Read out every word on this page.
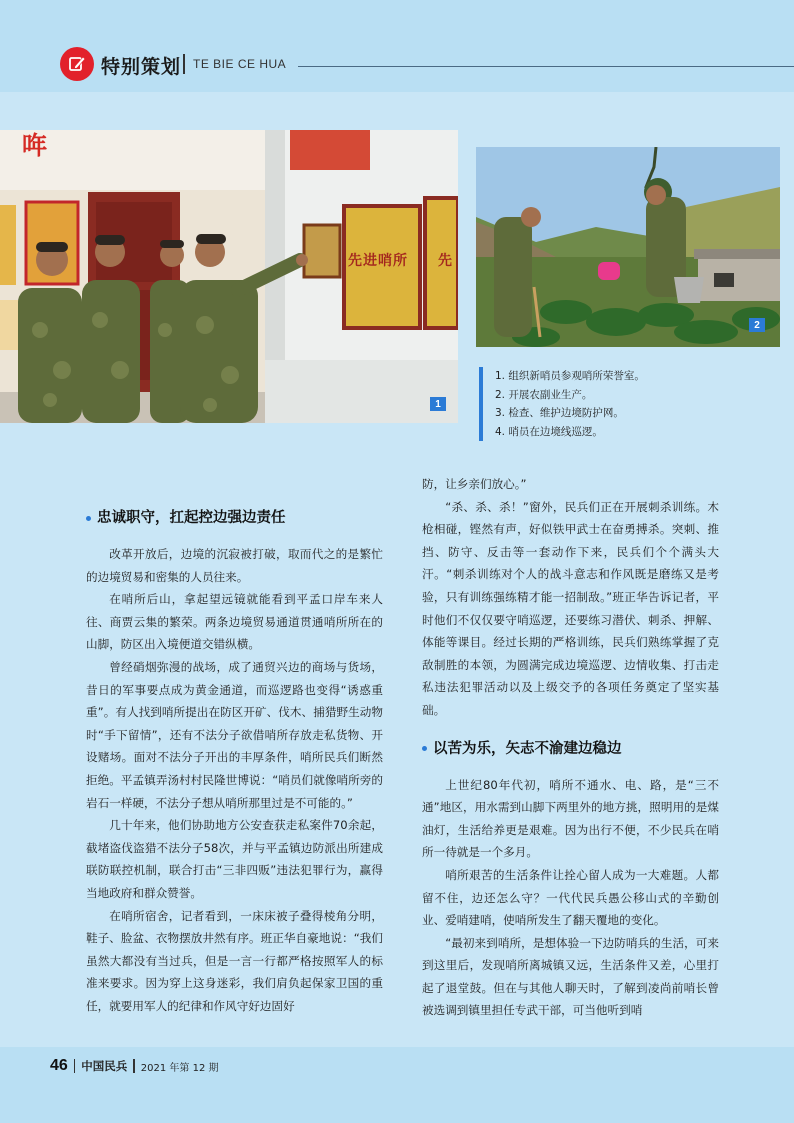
特别策划 TE BIE CE HUA
哖
先进哨所 先
1
2
1. 组织新哨员参观哨所荣誉室。
2. 开展农副业生产。
3. 检查、维护边境防护网。
4. 哨员在边境线巡逻。
忠诚职守，扛起控边强边责任

改革开放后，边境的沉寂被打破，取而代之的是繁忙的边境贸易和密集的人员往来。

在哨所后山，拿起望远镜就能看到平孟口岸车来人往、商贾云集的繁荣。两条边境贸易通道贯通哨所所在的山脚，防区出入境便道交错纵横。

曾经硝烟弥漫的战场，成了通贸兴边的商场与货场，昔日的军事要点成为黄金通道，而巡逻路也变得“诱惑重重”。有人找到哨所提出在防区开矿、伐木、捕猎野生动物时“手下留情”，还有不法分子欲借哨所存放走私货物、开设赌场。面对不法分子开出的丰厚条件，哨所民兵们断然拒绝。平孟镇弄汤村村民隆世博说：“哨员们就像哨所旁的岩石一样硬，不法分子想从哨所那里过是不可能的。”

几十年来，他们协助地方公安查获走私案件70余起，截堵盗伐盗猎不法分子58次，并与平孟镇边防派出所建成联防联控机制，联合打击“三非四贩”违法犯罪行为，赢得当地政府和群众赞誉。

在哨所宿舍，记者看到，一床床被子叠得棱角分明，鞋子、脸盆、衣物摆放井然有序。班正华自豪地说：“我们虽然大都没有当过兵，但是一言一行都严格按照军人的标准来要求。因为穿上这身迷彩，我们肩负起保家卫国的重任，就要用军人的纪律和作风守好边固好

防，让乡亲们放心。”

“杀、杀、杀！”窗外，民兵们正在开展刺杀训练。木枪相碰，铿然有声，好似铁甲武士在奋勇搏杀。突刺、推挡、防守、反击等一套动作下来，民兵们个个满头大汗。“刺杀训练对个人的战斗意志和作风既是磨练又是考验，只有训练强练精才能一招制敌。”班正华告诉记者，平时他们不仅仅要守哨巡逻，还要练习潜伏、刺杀、押解、体能等课目。经过长期的严格训练，民兵们熟练掌握了克敌制胜的本领，为圆满完成边境巡逻、边情收集、打击走私违法犯罪活动以及上级交予的各项任务奠定了坚实基础。

以苦为乐，矢志不渝建边稳边

上世纪80年代初，哨所不通水、电、路，是“三不通”地区，用水需到山脚下两里外的地方挑，照明用的是煤油灯，生活给养更是艰难。因为出行不便，不少民兵在哨所一待就是一个多月。

哨所艰苦的生活条件让拴心留人成为一大难题。人都留不住，边还怎么守？一代代民兵愚公移山式的辛勤创业、爱哨建哨，使哨所发生了翻天覆地的变化。

“最初来到哨所，是想体验一下边防哨兵的生活，可来到这里后，发现哨所离城镇又远，生活条件又差，心里打起了退堂鼓。但在与其他人聊天时，了解到凌尚前哨长曾被选调到镇里担任专武干部，可当他听到哨

46 中国民兵 2021 年第 12 期
